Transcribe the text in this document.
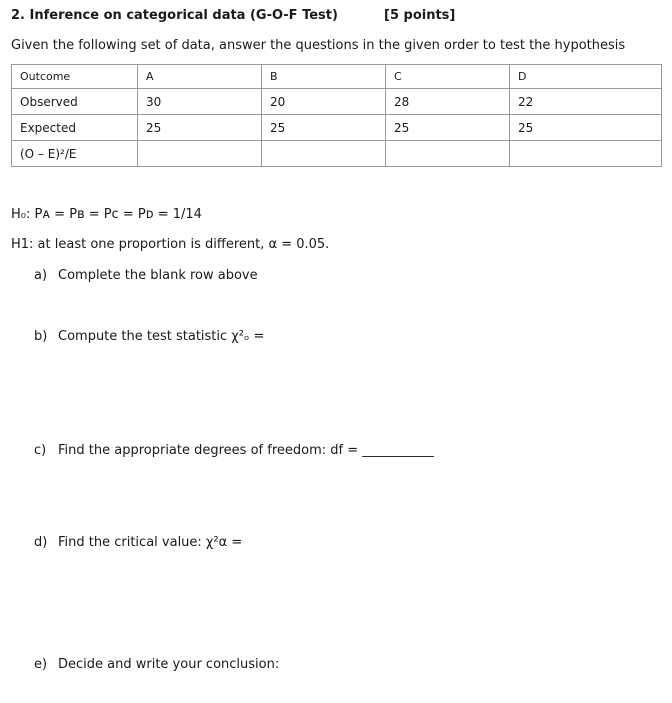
2. Inference on categorical data (G-O-F Test)	[5 points]
Given the following set of data, answer the questions in the given order to test the hypothesis
Outcome	A	B	C	D
Observed	30	20	28	22
Expected	25	25	25	25
(O – E)²/E				
H₀: Pᴀ = Pʙ = Pᴄ = Pᴅ = 1/14
H1: at least one proportion is different, α = 0.05.
a) Complete the blank row above
b) Compute the test statistic χ²ₒ =
c) Find the appropriate degrees of freedom: df = ___________
d) Find the critical value: χ²α =
e) Decide and write your conclusion:
